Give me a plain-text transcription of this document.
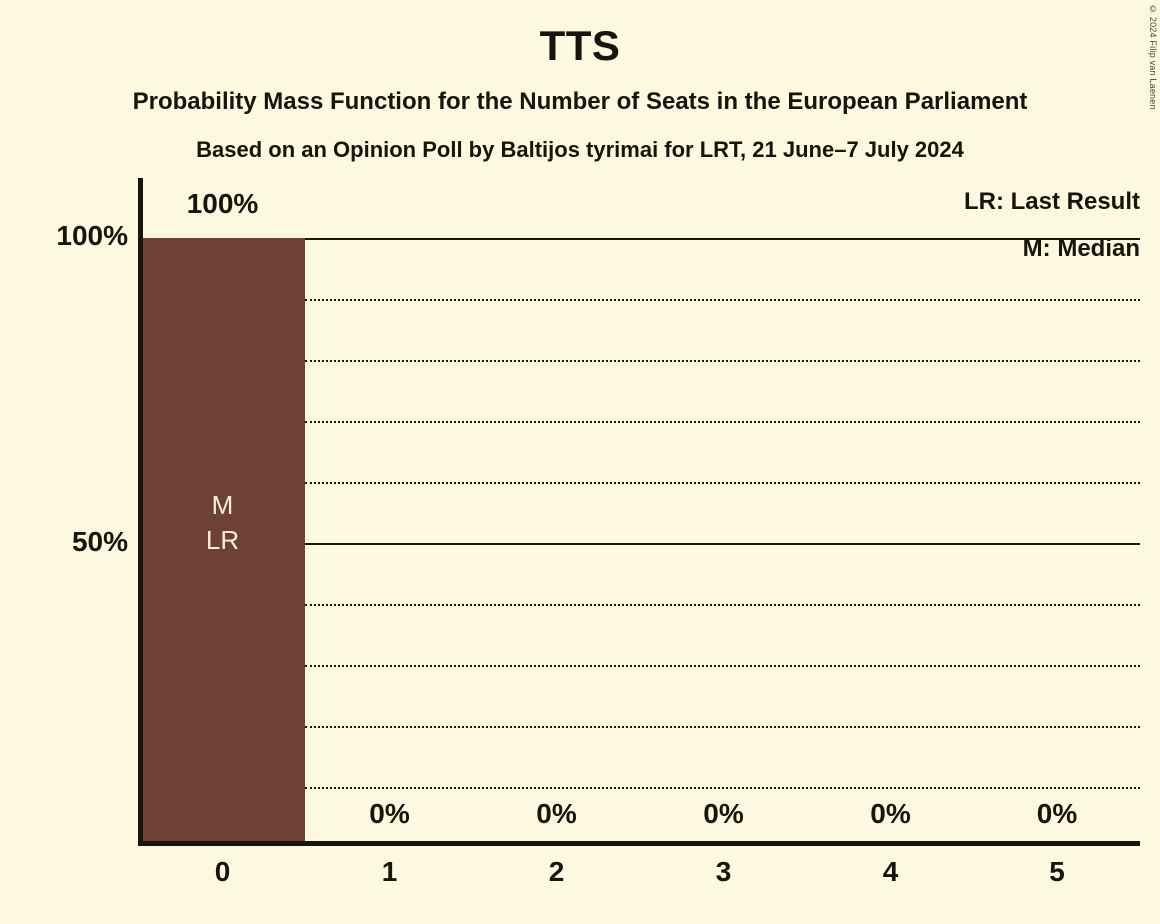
TTS
Probability Mass Function for the Number of Seats in the European Parliament
Based on an Opinion Poll by Baltijos tyrimai for LRT, 21 June–7 July 2024
© 2024 Filip van Laenen
M
LR
100%
0%	0%	0%	0%	0%
LR: Last Result
M: Median
100%
50%
0	1	2	3	4	5
